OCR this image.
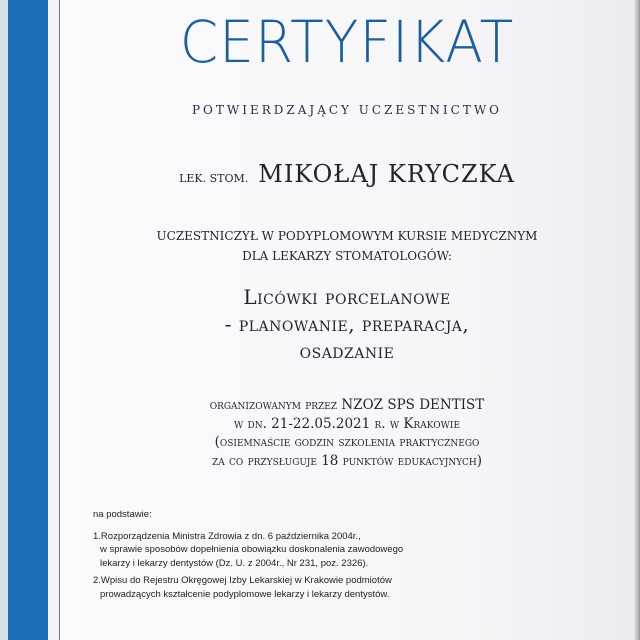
CERTYFIKAT
POTWIERDZAJĄCY UCZESTNICTWO
LEK. STOM. MIKOŁAJ KRYCZKA
UCZESTNICZYŁ W PODYPLOMOWYM KURSIE MEDYCZNYM
DLA LEKARZY STOMATOLOGÓW:
Licówki porcelanowe
- planowanie, preparacja,
osadzanie
organizowanym przez NZOZ SPS DENTIST
w dn. 21-22.05.2021 r. w Krakowie
(osiemnaście godzin szkolenia praktycznego
za co przysługuje 18 punktów edukacyjnych)

na podstawie:

1.Rozporządzenia Ministra Zdrowia z dn. 6 października 2004r.,
w sprawie sposobów dopełnienia obowiązku doskonalenia zawodowego
lekarzy i lekarzy dentystów (Dz. U. z 2004r., Nr 231, poz. 2326).

2.Wpisu do Rejestru Okręgowej Izby Lekarskiej w Krakowie podmiotów
prowadzących kształcenie podyplomowe lekarzy i lekarzy dentystów.
